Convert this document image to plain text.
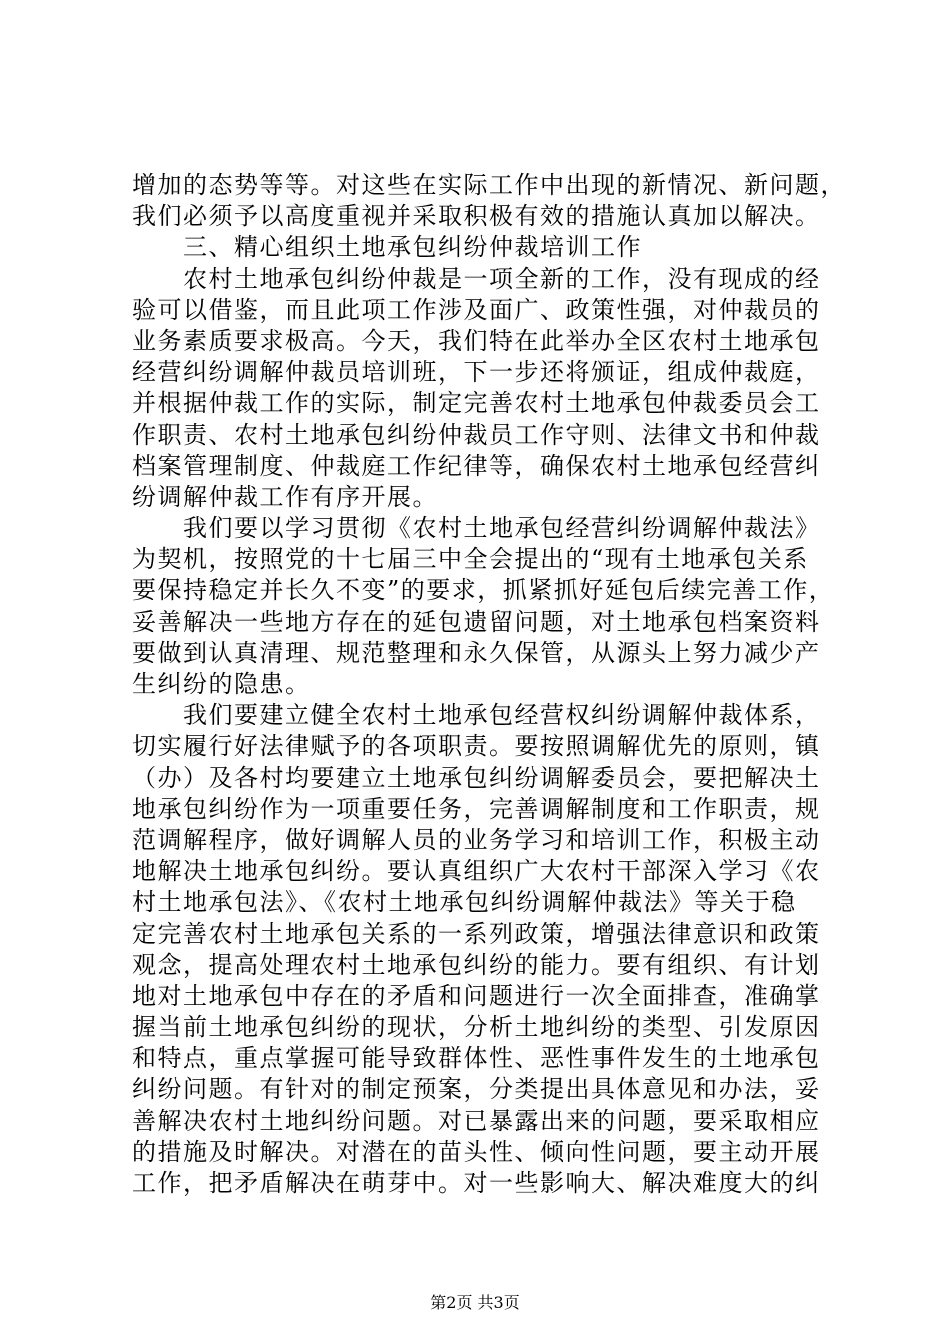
增加的态势等等。对这些在实际工作中出现的新情况、新问题，
我们必须予以高度重视并采取积极有效的措施认真加以解决。
　　三、精心组织土地承包纠纷仲裁培训工作
　　农村土地承包纠纷仲裁是一项全新的工作，没有现成的经
验可以借鉴，而且此项工作涉及面广、政策性强，对仲裁员的
业务素质要求极高。今天，我们特在此举办全区农村土地承包
经营纠纷调解仲裁员培训班，下一步还将颁证，组成仲裁庭，
并根据仲裁工作的实际，制定完善农村土地承包仲裁委员会工
作职责、农村土地承包纠纷仲裁员工作守则、法律文书和仲裁
档案管理制度、仲裁庭工作纪律等，确保农村土地承包经营纠
纷调解仲裁工作有序开展。
　　我们要以学习贯彻《农村土地承包经营纠纷调解仲裁法》
为契机，按照党的十七届三中全会提出的“现有土地承包关系
要保持稳定并长久不变”的要求，抓紧抓好延包后续完善工作，
妥善解决一些地方存在的延包遗留问题，对土地承包档案资料
要做到认真清理、规范整理和永久保管，从源头上努力减少产
生纠纷的隐患。
　　我们要建立健全农村土地承包经营权纠纷调解仲裁体系，
切实履行好法律赋予的各项职责。要按照调解优先的原则，镇
（办）及各村均要建立土地承包纠纷调解委员会，要把解决土
地承包纠纷作为一项重要任务，完善调解制度和工作职责，规
范调解程序，做好调解人员的业务学习和培训工作，积极主动
地解决土地承包纠纷。要认真组织广大农村干部深入学习《农
村土地承包法》、《农村土地承包纠纷调解仲裁法》等关于稳
定完善农村土地承包关系的一系列政策，增强法律意识和政策
观念，提高处理农村土地承包纠纷的能力。要有组织、有计划
地对土地承包中存在的矛盾和问题进行一次全面排查，准确掌
握当前土地承包纠纷的现状，分析土地纠纷的类型、引发原因
和特点，重点掌握可能导致群体性、恶性事件发生的土地承包
纠纷问题。有针对的制定预案，分类提出具体意见和办法，妥
善解决农村土地纠纷问题。对已暴露出来的问题，要采取相应
的措施及时解决。对潜在的苗头性、倾向性问题，要主动开展
工作，把矛盾解决在萌芽中。对一些影响大、解决难度大的纠
第2页 共3页
